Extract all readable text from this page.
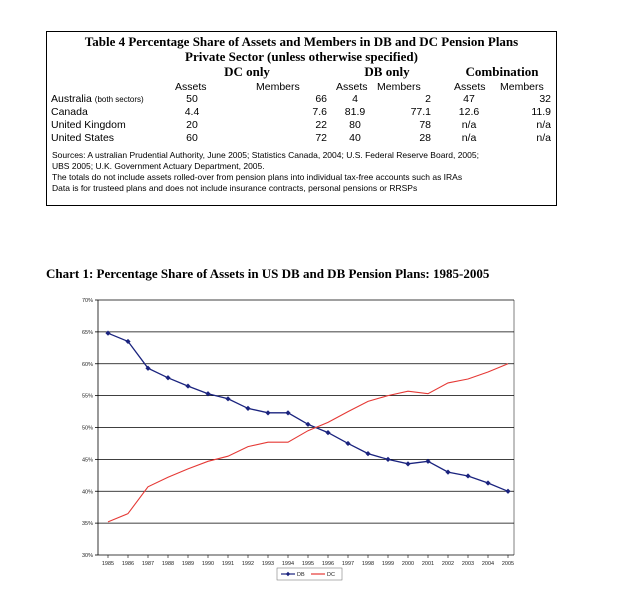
Table 4 Percentage Share of Assets and Members in DB and DC Pension Plans
Private Sector (unless otherwise specified)
DC only	DB only	Combination
Assets	Members	Assets Members	Assets Members
Australia (both sectors)	50	66	4	2	47	32
Canada	4.4	7.6	81.9	77.1	12.6	11.9
United Kingdom	20	22	80	78	n/a	n/a
United States	60	72	40	28	n/a	n/a
Sources: A ustralian Prudential Authority, June 2005; Statistics Canada, 2004; U.S. Federal Reserve Board, 2005;
UBS 2005; U.K. Government Actuary Department, 2005.
The totals do not include assets rolled-over from pension plans into individual tax-free accounts such as IRAs
Data is for trusteed plans and does not include insurance contracts, personal pensions or RRSPs
Chart 1: Percentage Share of Assets in US DB and DB Pension Plans: 1985-2005
30%
35%
40%
45%
50%
55%
60%
65%
70%
1985 1986 1987 1988 1989 1990 1991 1992 1993 1994 1995 1996 1997 1998 1999 2000 2001 2002 2003 2004 2005
DB	DC
